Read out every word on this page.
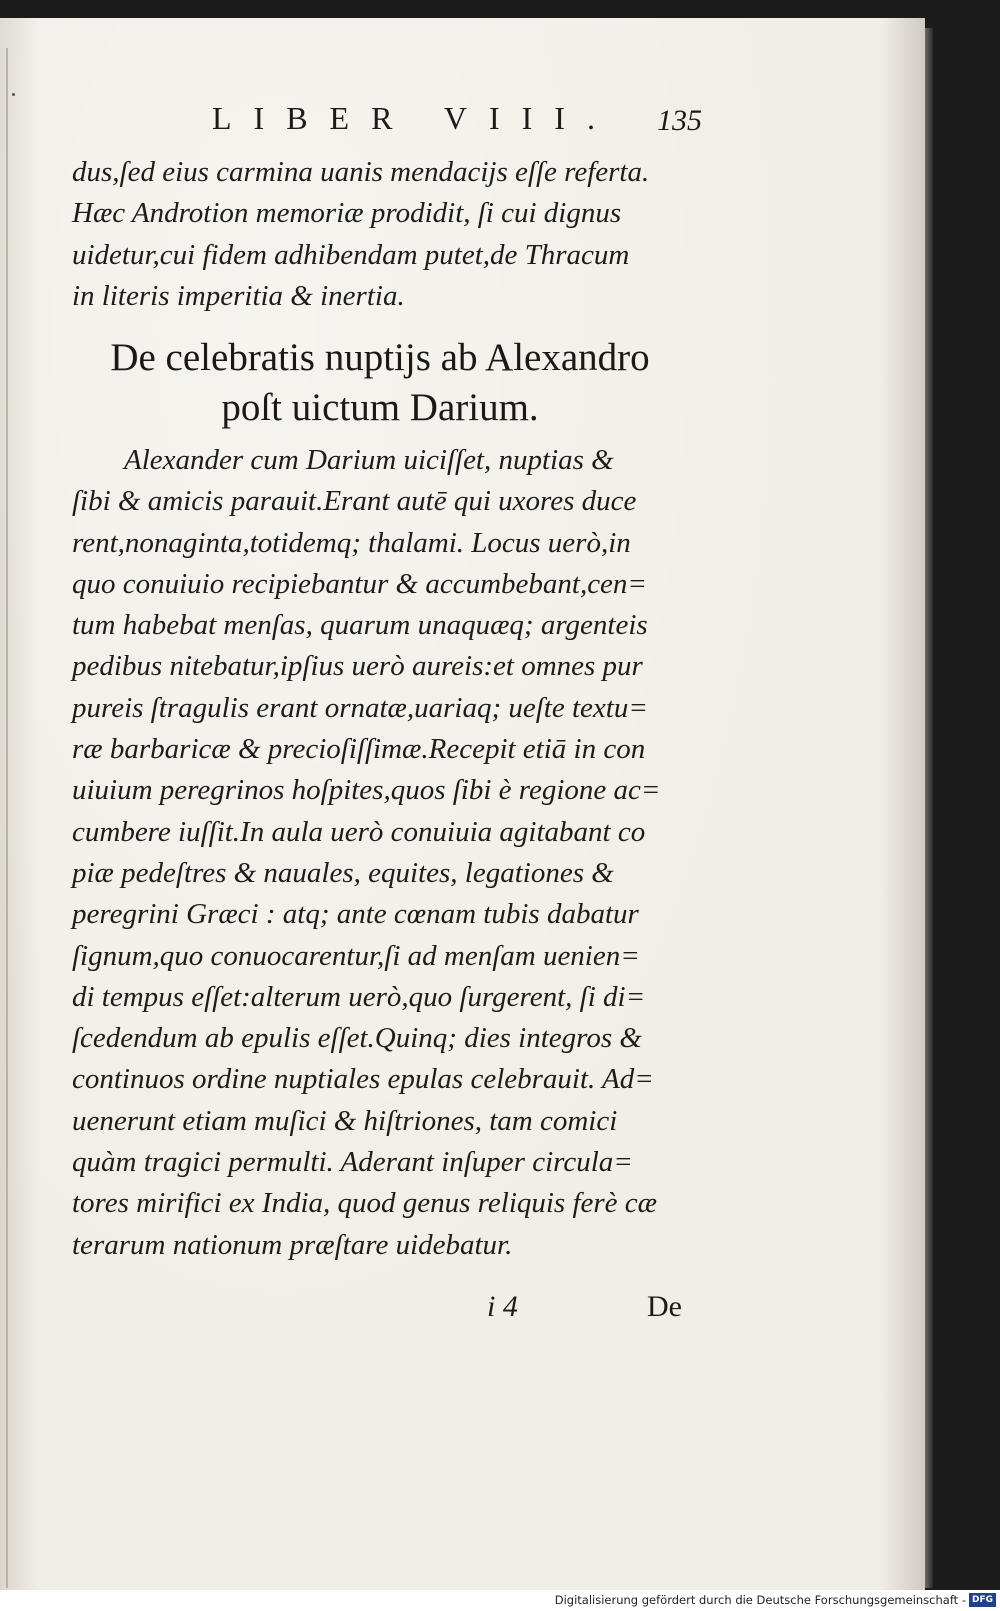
LIBER VIII. 135
dus,ſed eius carmina uanis mendacijs eſſe referta.
Hæc Androtion memoriæ prodidit, ſi cui dignus
uidetur,cui fidem adhibendam putet,de Thracum
in literis imperitia & inertia.
De celebratis nuptijs ab Alexandro
poſt uictum Darium.
Alexander cum Darium uiciſſet, nuptias &
ſibi & amicis parauit.Erant autē qui uxores duce
rent,nonaginta,totidemq; thalami. Locus uerò,in
quo conuiuio recipiebantur & accumbebant,cen=
tum habebat menſas, quarum unaquæq; argenteis
pedibus nitebatur,ipſius uerò aureis:et omnes pur
pureis ſtragulis erant ornatæ,uariaq; ueſte textu=
ræ barbaricæ & precioſiſſimæ.Recepit etiā in con
uiuium peregrinos hoſpites,quos ſibi è regione ac=
cumbere iuſſit.In aula uerò conuiuia agitabant co
piæ pedeſtres & nauales, equites, legationes &
peregrini Græci : atq; ante cœnam tubis dabatur
ſignum,quo conuocarentur,ſi ad menſam uenien=
di tempus eſſet:alterum uerò,quo ſurgerent, ſi di=
ſcedendum ab epulis eſſet.Quinq; dies integros &
continuos ordine nuptiales epulas celebrauit. Ad=
uenerunt etiam muſici & hiſtriones, tam comici
quàm tragici permulti. Aderant inſuper circula=
tores mirifici ex India, quod genus reliquis ferè cæ
terarum nationum præſtare uidebatur.
i 4	De
Digitalisierung gefördert durch die Deutsche Forschungsgemeinschaft - DFG
